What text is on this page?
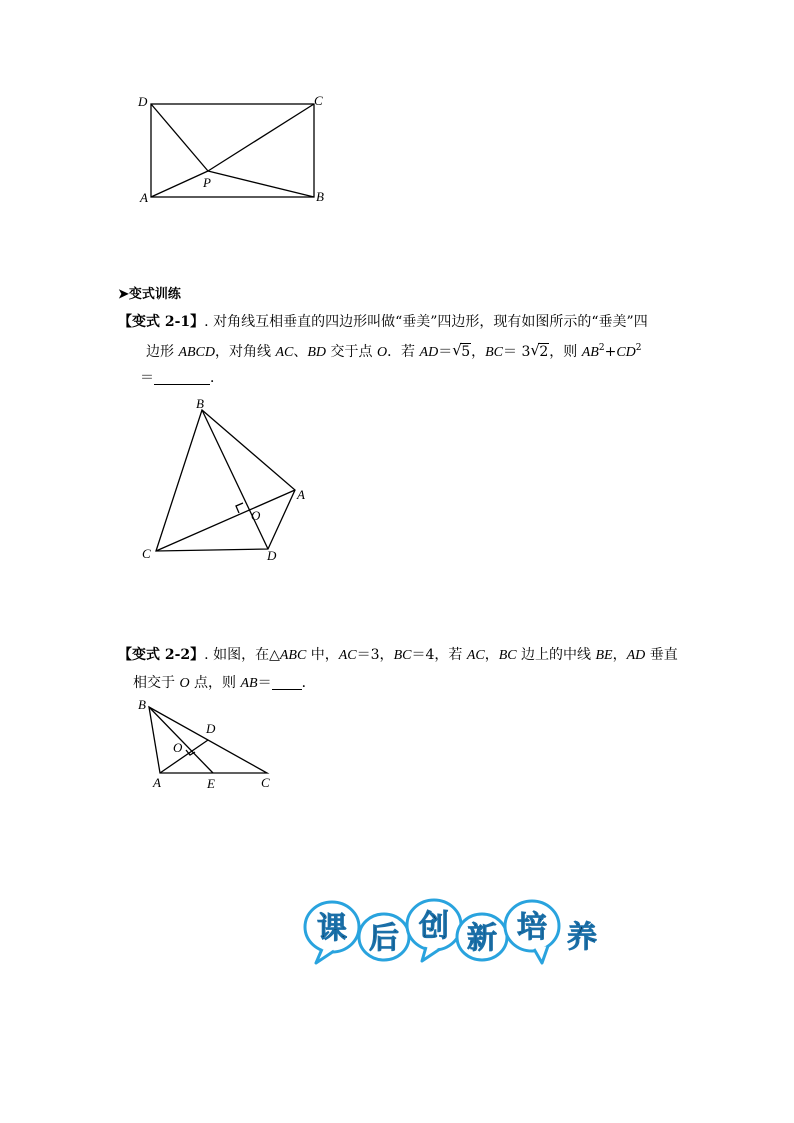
D	C
A	B
P
➤变式训练
【变式 2-1】. 对角线互相垂直的四边形叫做“垂美”四边形，现有如图所示的“垂美”四
边形 ABCD，对角线 AC、BD 交于点 O．若 AD＝ √ 5，BC＝ 3 √ 2，则 $AB^2+CD^2$
＝	．
B
A
O
C	D
【变式 2-2】. 如图，在△ABC 中，AC＝3，BC＝4，若 AC，BC 边上的中线 BE，AD 垂直
相交于 O 点，则 AB＝ ．
B
D
O
A	E	C
课 后 创 新 培 养
